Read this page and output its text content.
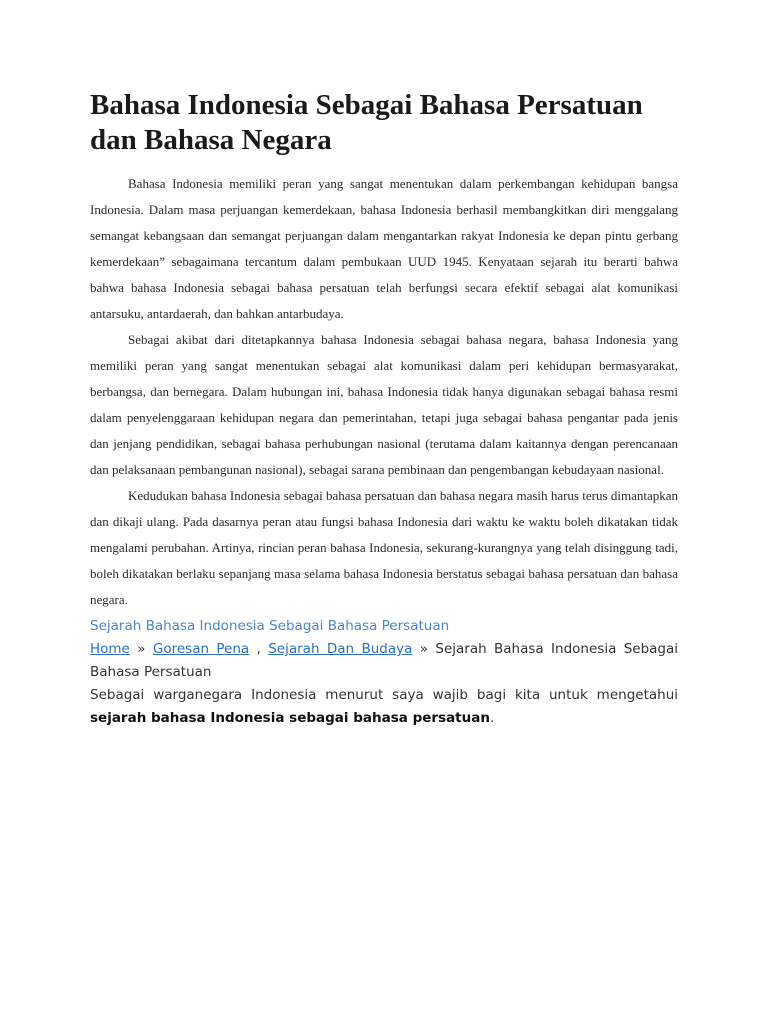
Bahasa Indonesia Sebagai Bahasa Persatuan dan Bahasa Negara

Bahasa Indonesia memiliki peran yang sangat menentukan dalam perkembangan kehidupan bangsa Indonesia. Dalam masa perjuangan kemerdekaan, bahasa Indonesia berhasil membangkitkan diri menggalang semangat kebangsaan dan semangat perjuangan dalam mengantarkan rakyat Indonesia ke depan pintu gerbang kemerdekaan” sebagaimana tercantum dalam pembukaan UUD 1945. Kenyataan sejarah itu berarti bahwa bahwa bahasa Indonesia sebagai bahasa persatuan telah berfungsi secara efektif sebagai alat komunikasi antarsuku, antardaerah, dan bahkan antarbudaya.

Sebagai akibat dari ditetapkannya bahasa Indonesia sebagai bahasa negara, bahasa Indonesia yang memiliki peran yang sangat menentukan sebagai alat komunikasi dalam peri kehidupan bermasyarakat, berbangsa, dan bernegara. Dalam hubungan ini, bahasa Indonesia tidak hanya digunakan sebagai bahasa resmi dalam penyelenggaraan kehidupan negara dan pemerintahan, tetapi juga sebagai bahasa pengantar pada jenis dan jenjang pendidikan, sebagai bahasa perhubungan nasional (terutama dalam kaitannya dengan perencanaan dan pelaksanaan pembangunan nasional), sebagai sarana pembinaan dan pengembangan kebudayaan nasional.

Kedudukan bahasa Indonesia sebagai bahasa persatuan dan bahasa negara masih harus terus dimantapkan dan dikaji ulang. Pada dasarnya peran atau fungsi bahasa Indonesia dari waktu ke waktu boleh dikatakan tidak mengalami perubahan. Artinya, rincian peran bahasa Indonesia, sekurang-kurangnya yang telah disinggung tadi, boleh dikatakan berlaku sepanjang masa selama bahasa Indonesia berstatus sebagai bahasa persatuan dan bahasa negara.

Sejarah Bahasa Indonesia Sebagai Bahasa Persatuan
Home » Goresan Pena , Sejarah Dan Budaya » Sejarah Bahasa Indonesia Sebagai Bahasa Persatuan

Sebagai warganegara Indonesia menurut saya wajib bagi kita untuk mengetahui sejarah bahasa Indonesia sebagai bahasa persatuan.
